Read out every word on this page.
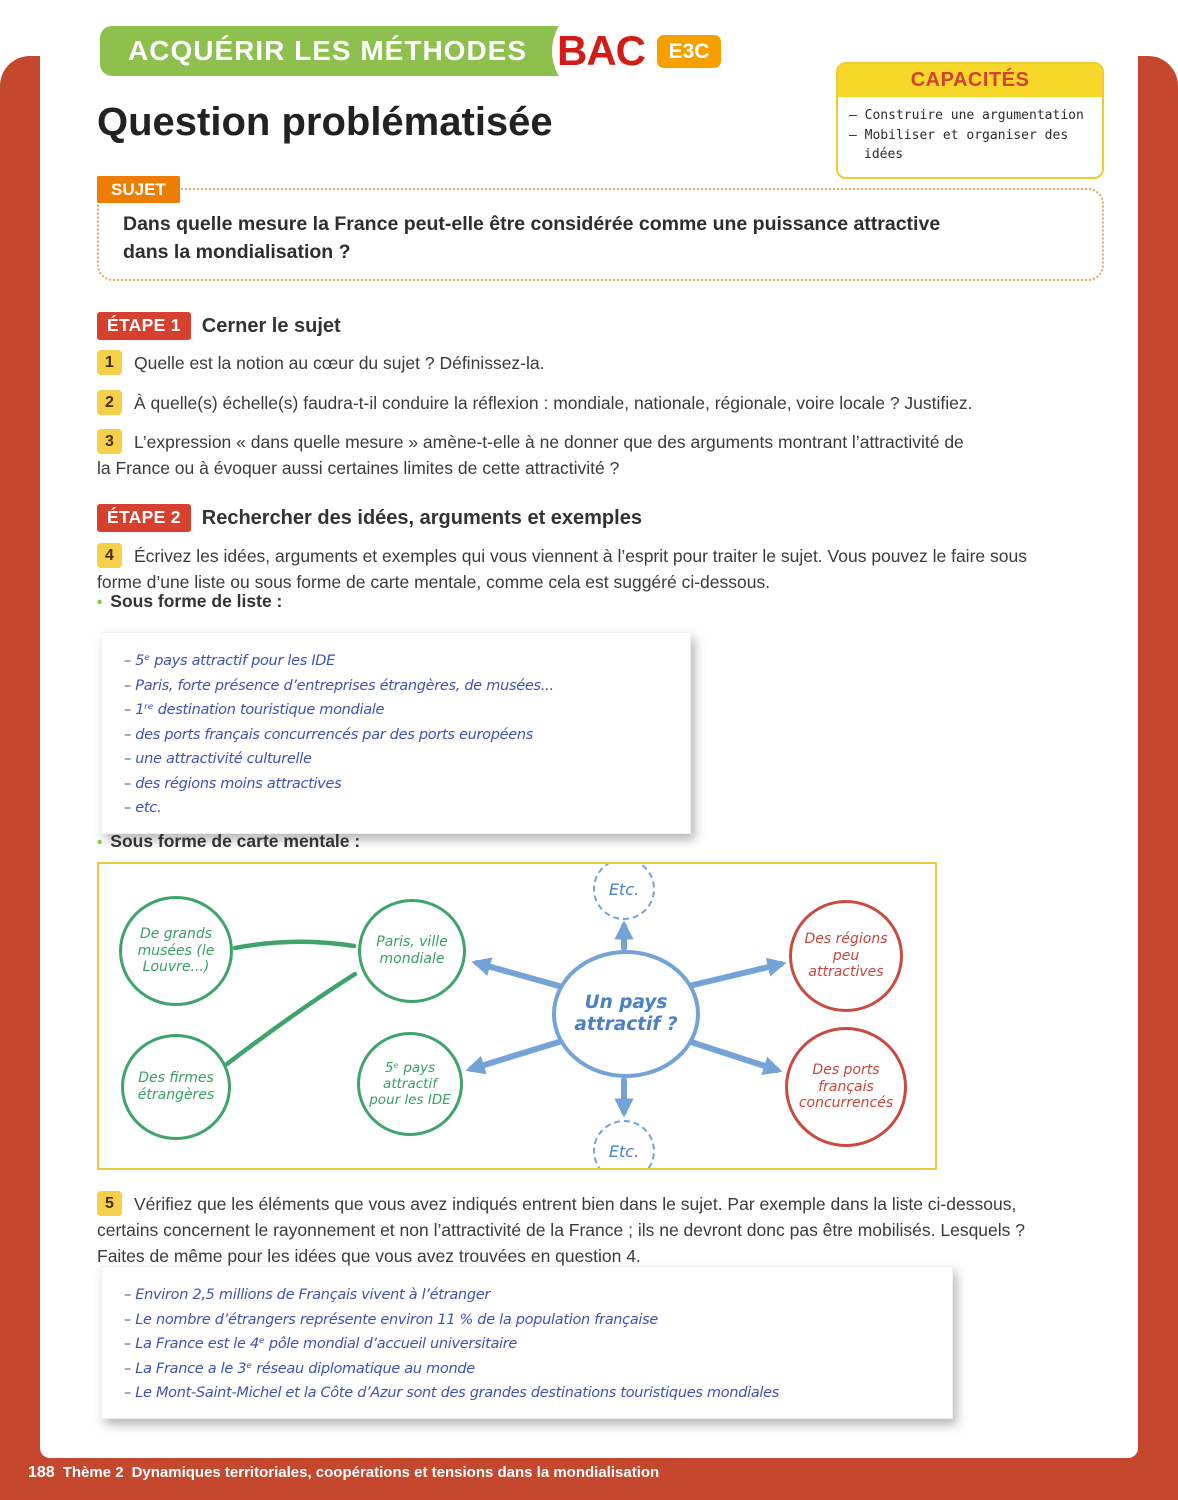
ACQUÉRIR LES MÉTHODES BAC E3C
CAPACITÉS
– Construire une argumentation
– Mobiliser et organiser des idées
Question problématisée
SUJET

Dans quelle mesure la France peut-elle être considérée comme une puissance attractive dans la mondialisation ?

ÉTAPE 1	Cerner le sujet

1 Quelle est la notion au cœur du sujet ? Définissez-la.

2 À quelle(s) échelle(s) faudra-t-il conduire la réflexion : mondiale, nationale, régionale, voire locale ? Justifiez.

3 L’expression « dans quelle mesure » amène-t-elle à ne donner que des arguments montrant l’attractivité de la France ou à évoquer aussi certaines limites de cette attractivité ?

ÉTAPE 2	Rechercher des idées, arguments et exemples

4 Écrivez les idées, arguments et exemples qui vous viennent à l’esprit pour traiter le sujet. Vous pouvez le faire sous forme d’une liste ou sous forme de carte mentale, comme cela est suggéré ci-dessous.

• Sous forme de liste :
– 5ᵉ pays attractif pour les IDE
– Paris, forte présence d’entreprises étrangères, de musées...
– 1ʳᵉ destination touristique mondiale
– des ports français concurrencés par des ports européens
– une attractivité culturelle
– des régions moins attractives
– etc.
• Sous forme de carte mentale :
Etc.
Etc.
De grands musées (le Louvre...)
Paris, ville mondiale
Des firmes étrangères
5ᵉ pays attractif pour les IDE
Des régions peu attractives
Des ports français concurrencés
Un pays attractif ?

5 Vérifiez que les éléments que vous avez indiqués entrent bien dans le sujet. Par exemple dans la liste ci-dessous, certains concernent le rayonnement et non l’attractivité de la France ; ils ne devront donc pas être mobilisés. Lesquels ? Faites de même pour les idées que vous avez trouvées en question 4.

– Environ 2,5 millions de Français vivent à l’étranger
– Le nombre d’étrangers représente environ 11 % de la population française
– La France est le 4ᵉ pôle mondial d’accueil universitaire
– La France a le 3ᵉ réseau diplomatique au monde
– Le Mont-Saint-Michel et la Côte d’Azur sont des grandes destinations touristiques mondiales
188 Thème 2 Dynamiques territoriales, coopérations et tensions dans la mondialisation
